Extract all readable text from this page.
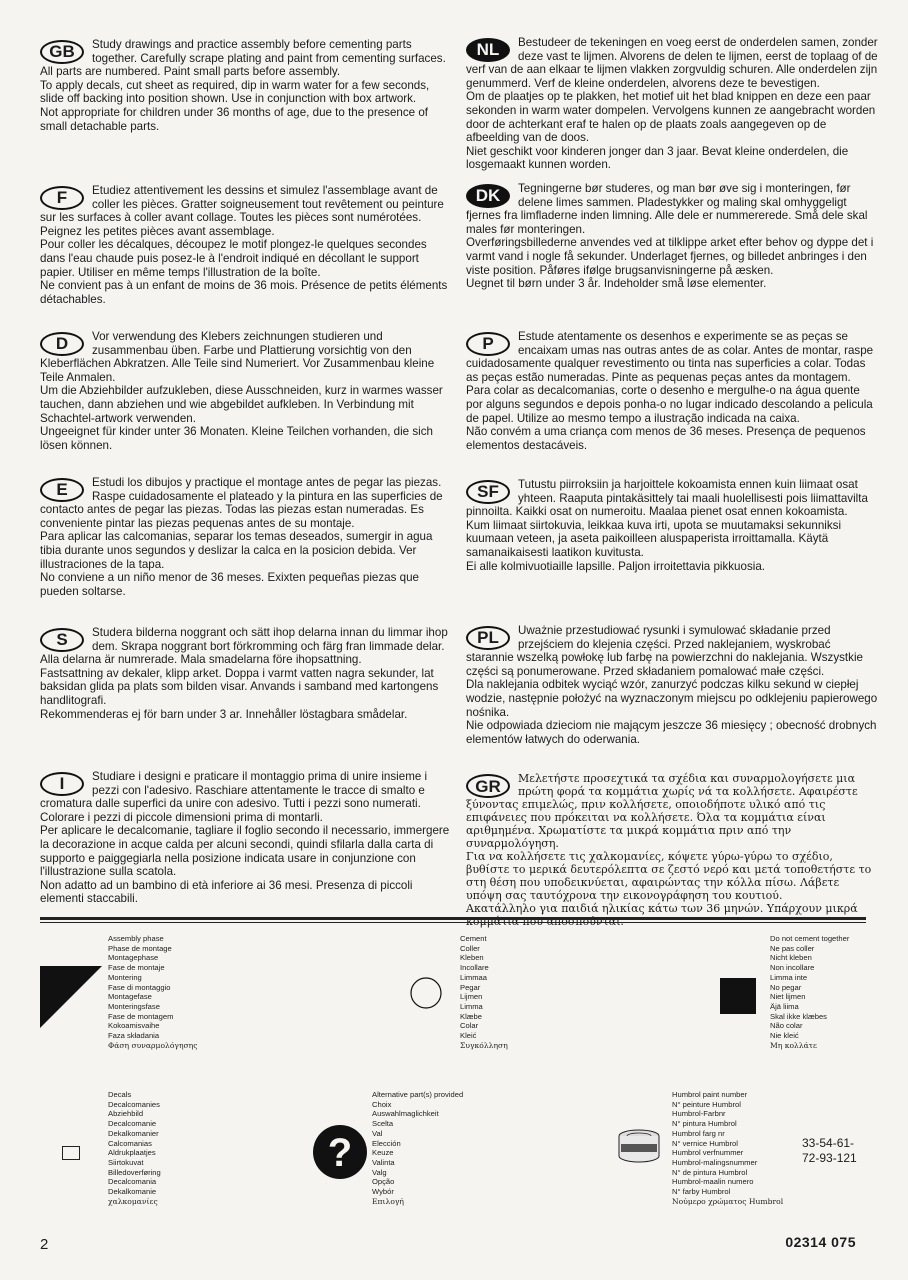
GB	Study drawings and practice assembly before cementing parts together. Carefully scrape plating and paint from cementing surfaces. All parts are numbered. Paint small parts before assembly.

To apply decals, cut sheet as required, dip in warm water for a few seconds, slide off backing into position shown. Use in conjunction with box artwork.

Not appropriate for children under 36 months of age, due to the presence of small detachable parts.

F	Etudiez attentivement les dessins et simulez l'assemblage avant de coller les pièces. Gratter soigneusement tout revêtement ou peinture sur les surfaces à coller avant collage. Toutes les pièces sont numérotées. Peignez les petites pièces avant assemblage.

Pour coller les décalques, découpez le motif plongez-le quelques secondes dans l'eau chaude puis posez-le à l'endroit indiqué en décollant le support papier. Utiliser en même temps l'illustration de la boîte.

Ne convient pas à un enfant de moins de 36 mois. Présence de petits éléments détachables.

D	Vor verwendung des Klebers zeichnungen studieren und zusammenbau üben. Farbe und Plattierung vorsichtig von den Kleberflächen Abkratzen. Alle Teile sind Numeriert. Vor Zusammenbau kleine Teile Anmalen.

Um die Abziehbilder aufzukleben, diese Ausschneiden, kurz in warmes wasser tauchen, dann abziehen und wie abgebildet aufkleben. In Verbindung mit Schachtel-artwork verwenden.

Ungeeignet für kinder unter 36 Monaten. Kleine Teilchen vorhanden, die sich lösen können.

E	Estudi los dibujos y practique el montage antes de pegar las piezas. Raspe cuidadosamente el plateado y la pintura en las superficies de contacto antes de pegar las piezas. Todas las piezas estan numeradas. Es conveniente pintar las piezas pequenas antes de su montaje.

Para aplicar las calcomanias, separar los temas deseados, sumergir in agua tibia durante unos segundos y deslizar la calca en la posicion debida. Ver illustraciones de la tapa.

No conviene a un niño menor de 36 meses. Exixten pequeñas piezas que pueden soltarse.

S	Studera bilderna noggrant och sätt ihop delarna innan du limmar ihop dem. Skrapa noggrant bort förkromming och färg fran limmade delar. Alla delarna är numrerade. Mala smadelarna före ihopsattning.

Fastsattning av dekaler, klipp arket. Doppa i varmt vatten nagra sekunder, lat baksidan glida pa plats som bilden visar. Anvands i samband med kartongens handlitografi.

Rekommenderas ej för barn under 3 ar. Innehåller löstagbara smådelar.

I	Studiare i designi e praticare il montaggio prima di unire insieme i pezzi con l'adesivo. Raschiare attentamente le tracce di smalto e cromatura dalle superfici da unire con adesivo. Tutti i pezzi sono numerati. Colorare i pezzi di piccole dimensioni prima di montarli.

Per aplicare le decalcomanie, tagliare il foglio secondo il necessario, immergere la decorazione in acque calda per alcuni secondi, quindi sfilarla dalla carta di supporto e paiggegiarla nella posizione indicata usare in conjunzione con l'illustrazione sulla scatola.

Non adatto ad un bambino di età inferiore ai 36 mesi. Presenza di piccoli elementi staccabili.

NL	Bestudeer de tekeningen en voeg eerst de onderdelen samen, zonder deze vast te lijmen. Alvorens de delen te lijmen, eerst de toplaag of de verf van de aan elkaar te lijmen vlakken zorgvuldig schuren. Alle onderdelen zijn genummerd. Verf de kleine onderdelen, alvorens deze te bevestigen.

Om de plaatjes op te plakken, het motief uit het blad knippen en deze een paar sekonden in warm water dompelen. Vervolgens kunnen ze aangebracht worden door de achterkant eraf te halen op de plaats zoals aangegeven op de afbeelding van de doos.

Niet geschikt voor kinderen jonger dan 3 jaar. Bevat kleine onderdelen, die losgemaakt kunnen worden.

DK	Tegningerne bør studeres, og man bør øve sig i monteringen, før delene limes sammen. Pladestykker og maling skal omhyggeligt fjernes fra limfladerne inden limning. Alle dele er nummererede. Små dele skal males før monteringen.

Overføringsbillederne anvendes ved at tilklippe arket efter behov og dyppe det i varmt vand i nogle få sekunder. Underlaget fjernes, og billedet anbringes i den viste position. Påføres ifølge brugsanvisningerne på æsken.

Uegnet til børn under 3 år. Indeholder små løse elementer.

P	Estude atentamente os desenhos e experimente se as peças se encaixam umas nas outras antes de as colar. Antes de montar, raspe cuidadosamente qualquer revestimento ou tinta nas superficies a colar. Todas as peças estão numeradas. Pinte as pequenas peças antes da montagem.

Para colar as decalcomanias, corte o desenho e mergulhe-o na água quente por alguns segundos e depois ponha-o no lugar indicado descolando a pelicula de papel. Utilize ao mesmo tempo a ilustração indicada na caixa.

Não convém a uma criança com menos de 36 meses. Presença de pequenos elementos destacáveis.

SF	Tutustu piirroksiin ja harjoittele kokoamista ennen kuin liimaat osat yhteen. Raaputa pintakäsittely tai maali huolellisesti pois liimattavilta pinnoilta. Kaikki osat on numeroitu. Maalaa pienet osat ennen kokoamista.

Kum liimaat siirtokuvia, leikkaa kuva irti, upota se muutamaksi sekunniksi kuumaan veteen, ja aseta paikoilleen aluspaperista irroittamalla. Käytä samanaikaisesti laatikon kuvitusta.

Ei alle kolmivuotiaille lapsille. Paljon irroitettavia pikkuosia.

PL	Uważnie przestudiować rysunki i symulować składanie przed przejściem do klejenia części. Przed naklejaniem, wyskrobać starannie wszelką powłokę lub farbę na powierzchni do naklejania. Wszystkie części są ponumerowane. Przed składaniem pomalować małe części.

Dla naklejania odbitek wyciąć wzór, zanurzyć podczas kilku sekund w ciepłej wodzie, następnie położyć na wyznaczonym miejscu po odklejeniu papierowego nośnika.

Nie odpowiada dzieciom nie mającym jeszcze 36 miesięcy ; obecność drobnych elementów łatwych do oderwania.

GR	Μελετήστε προσεχτικά τα σχέδια και συναρμολογήσετε μια πρώτη φορά τα κομμάτια χωρίς νά τα κολλήσετε. Αφαιρέστε ξύνοντας επιμελώς, πριν κολλήσετε, οποιοδήποτε υλικό από τις επιφάνειες που πρόκειται να κολλήσετε. Όλα τα κομμάτια είναι αριθμημένα. Χρωματίστε τα μικρά κομμάτια πριν από την συναρμολόγηση.

Για να κολλήσετε τις χαλκομανίες, κόψετε γύρω-γύρω το σχέδιο, βυθίστε το μερικά δευτερόλεπτα σε ζεστό νερό και μετά τοποθετήστε το στη θέση που υποδεικνύεται, αφαιρώντας την κόλλα πίσω. Λάβετε υπόψη σας ταυτόχρονα την εικονογράφηση του κουτιού.

Ακατάλληλο για παιδιά ηλικίας κάτω των 36 μηνών. Υπάρχουν μικρά

Assembly phase
Phase de montage
Montagephase
Fase de montaje
Montering
Fase di montaggio
Montagefase
Monteringsfase
Fase de montagem
Kokoamisvaihe
Faza składania
Φάση συναρμολόγησης
Cement
Coller
Kleben
Incollare
Limmaa
Pegar
Lijmen
Limma
Klæbe
Colar
Kleić
Συγκόλληση
Do not cement together
Ne pas coller
Nicht kleben
Non incollare
Limma inte
No pegar
Niet lijmen
Äjä liima
Skal ikke klæbes
Não colar
Nie kleić
Μη κολλάτε
Decals
Decalcomanies
Abziehbild
Decalcomanie
Dekalkomanier
Calcomanias
Aldrukplaatjes
Siirtokuvat
Billedoverføring
Decalcomania
Dekalkomanie
χαλκομανίες
?
Alternative part(s) provided
Choix
Auswahlmaglichkeit
Scelta
Val
Elección
Keuze
Valinta
Valg
Opção
Wybór
Επιλογή
Humbrol paint number
N° peinture Humbrol
Humbrol-Farbnr
N° pintura Humbrol
Humbrol farg nr
N° vernice Humbrol
Humbrol verfnummer
Humbrol-malingsnummer
N° de pintura Humbrol
Humbrol-maalin numero
N° farby Humbrol
Νούμερο χρώματος Humbrol
33-54-61-
72-93-121
2	02314 075
